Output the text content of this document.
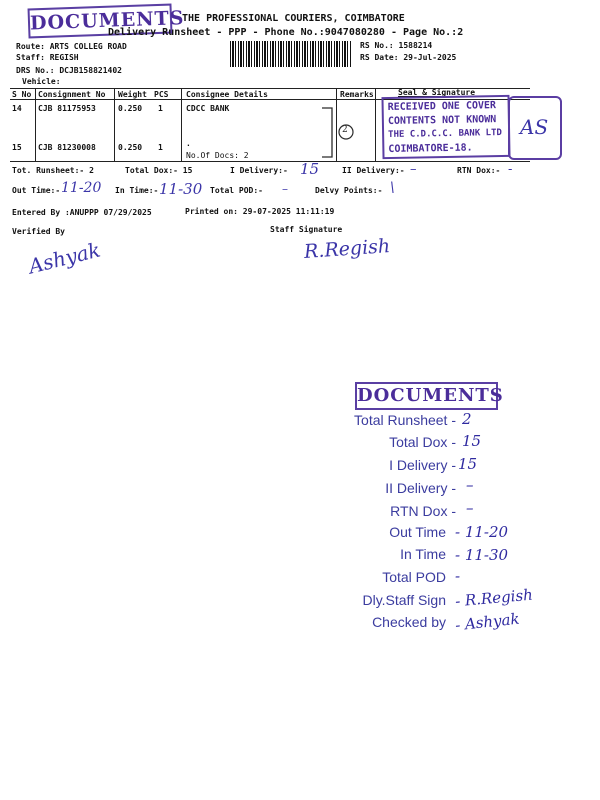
DOCUMENTS
THE PROFESSIONAL COURIERS, COIMBATORE
Delivery Runsheet - PPP - Phone No.:9047080280 - Page No.:2
Route: ARTS COLLEG ROAD
Staff: REGISH
DRS No.: DCJB158821402
Vehicle:
RS No.: 1588214
RS Date: 29-Jul-2025
S No Consignment No Weight PCS Consignee Details	Remarks	Seal & Signature
14 CJB 81175953	0.250 1	CDCC BANK
15 CJB 81230008	0.250 1	.
No.Of Docs: 2
2
RECEIVED ONE COVER
CONTENTS NOT KNOWN
THE C.D.C.C. BANK LTD
COIMBATORE-18.
AS
Tot. Runsheet:- 2	Total Dox:- 15	I Delivery:- 15	II Delivery:- –	RTN Dox:- -
Out Time:- 11-20 In Time:- 11-30 Total POD:- –	Delvy Points:- \
Entered By :ANUPPP 07/29/2025	Printed on: 29-07-2025 11:11:19
Verified By	Staff Signature
Ashyak	R.Regish
DOCUMENTS
Total Runsheet - 2
Total Dox - 15
I Delivery - 15
II Delivery - –
RTN Dox - –
Out Time - 11-20
In Time - 11-30
Total POD -
Dly.Staff Sign - R.Regish
Checked by - Ashyak
